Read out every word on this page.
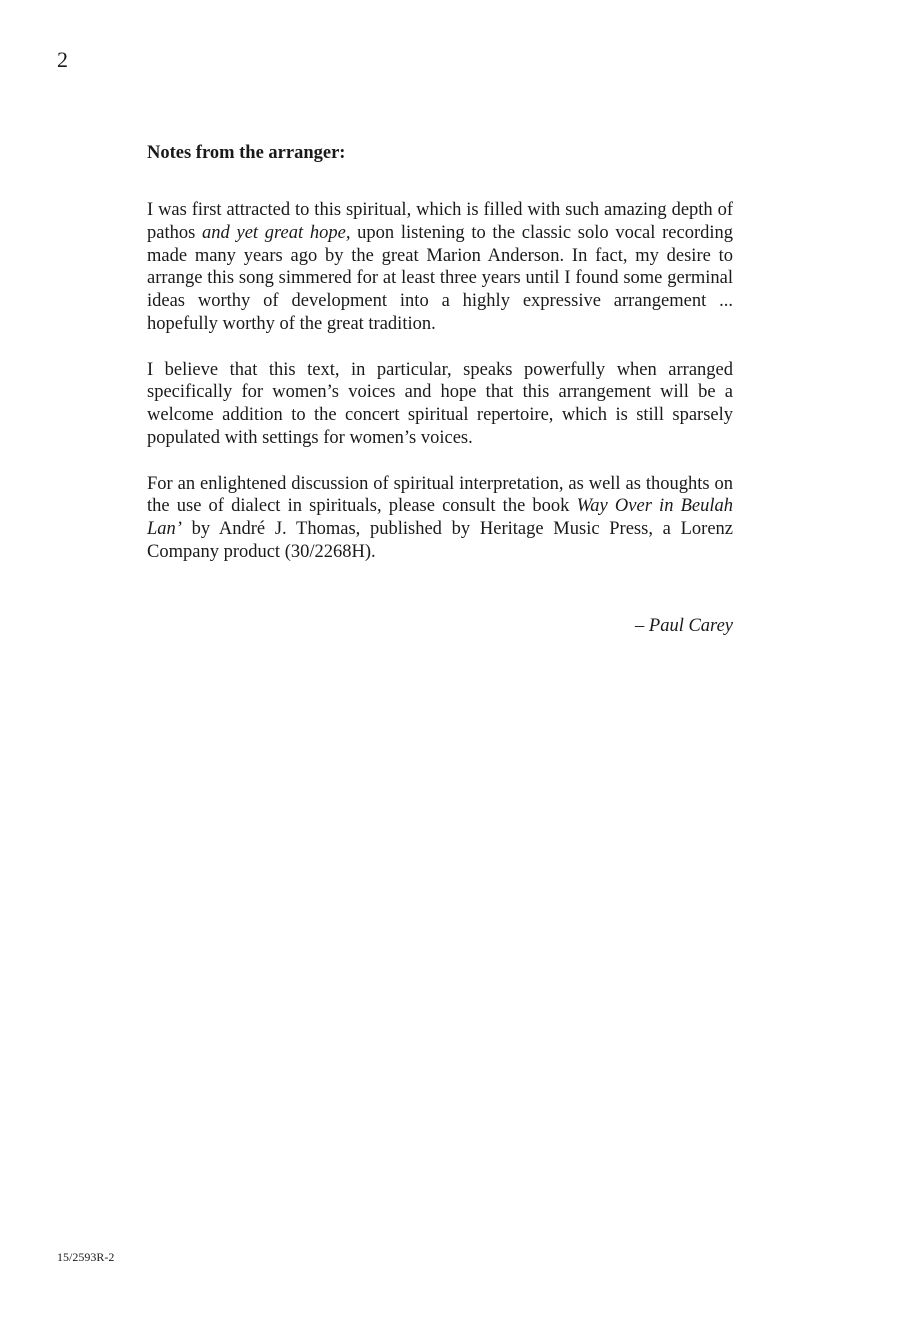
2
Notes from the arranger:

I was first attracted to this spiritual, which is filled with such amazing depth of pathos and yet great hope, upon listening to the classic solo vocal recording made many years ago by the great Marion Anderson. In fact, my desire to arrange this song simmered for at least three years until I found some germinal ideas worthy of development into a highly expressive arrangement ... hopefully worthy of the great tradition.

I believe that this text, in particular, speaks powerfully when arranged specifically for women’s voices and hope that this arrangement will be a welcome addition to the concert spiritual repertoire, which is still sparsely populated with settings for women’s voices.

For an enlightened discussion of spiritual interpretation, as well as thoughts on the use of dialect in spirituals, please consult the book Way Over in Beulah Lan’ by André J. Thomas, published by Heritage Music Press, a Lorenz Company product (30/2268H).

– Paul Carey
15/2593R-2
